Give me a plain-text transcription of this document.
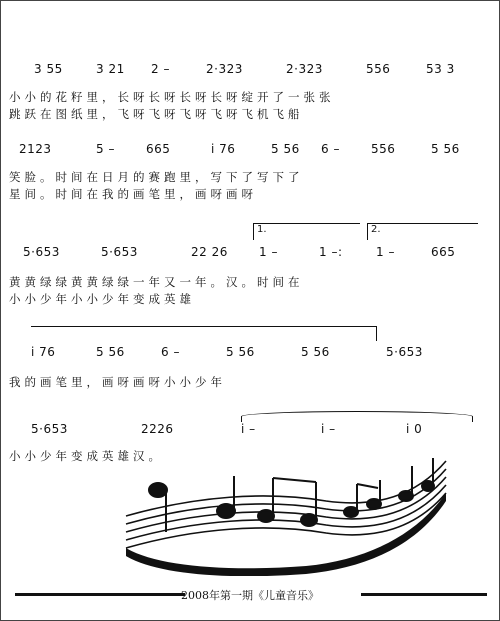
3 55	3 21 2 –	2·323	2·323	556	53 3
小 小 的 花 籽 里 ， 长 呀 长 呀 长 呀 长 呀 绽 开 了 一 张 张
跳 跃 在 图 纸 里 ， 飞 呀 飞 呀 飞 呀 飞 呀 飞 机 飞 船
2123	5 –	665	i 76	5 56 6 –	556	5 56
笑 脸 。 时 间 在 日 月 的 赛 跑 里 ， 写 下 了 写 下 了
星 间 。 时 间 在 我 的 画 笔 里 ， 画 呀 画 呀
1.	2.
5·653	5·653	22 26	1 –	1 –:	1 –	665
黄 黄 绿 绿 黄 黄 绿 绿 一 年 又 一 年 。 汉 。 时 间 在
小 小 少 年 小 小 少 年 变 成 英 雄
i 76	5 56	6 –	5 56	5 56	5·653
我 的 画 笔 里 ， 画 呀 画 呀 小 小 少 年
5·653	2226	i –	i –	i 0
小 小 少 年 变 成 英 雄 汉 。
2008年第一期《儿童音乐》
